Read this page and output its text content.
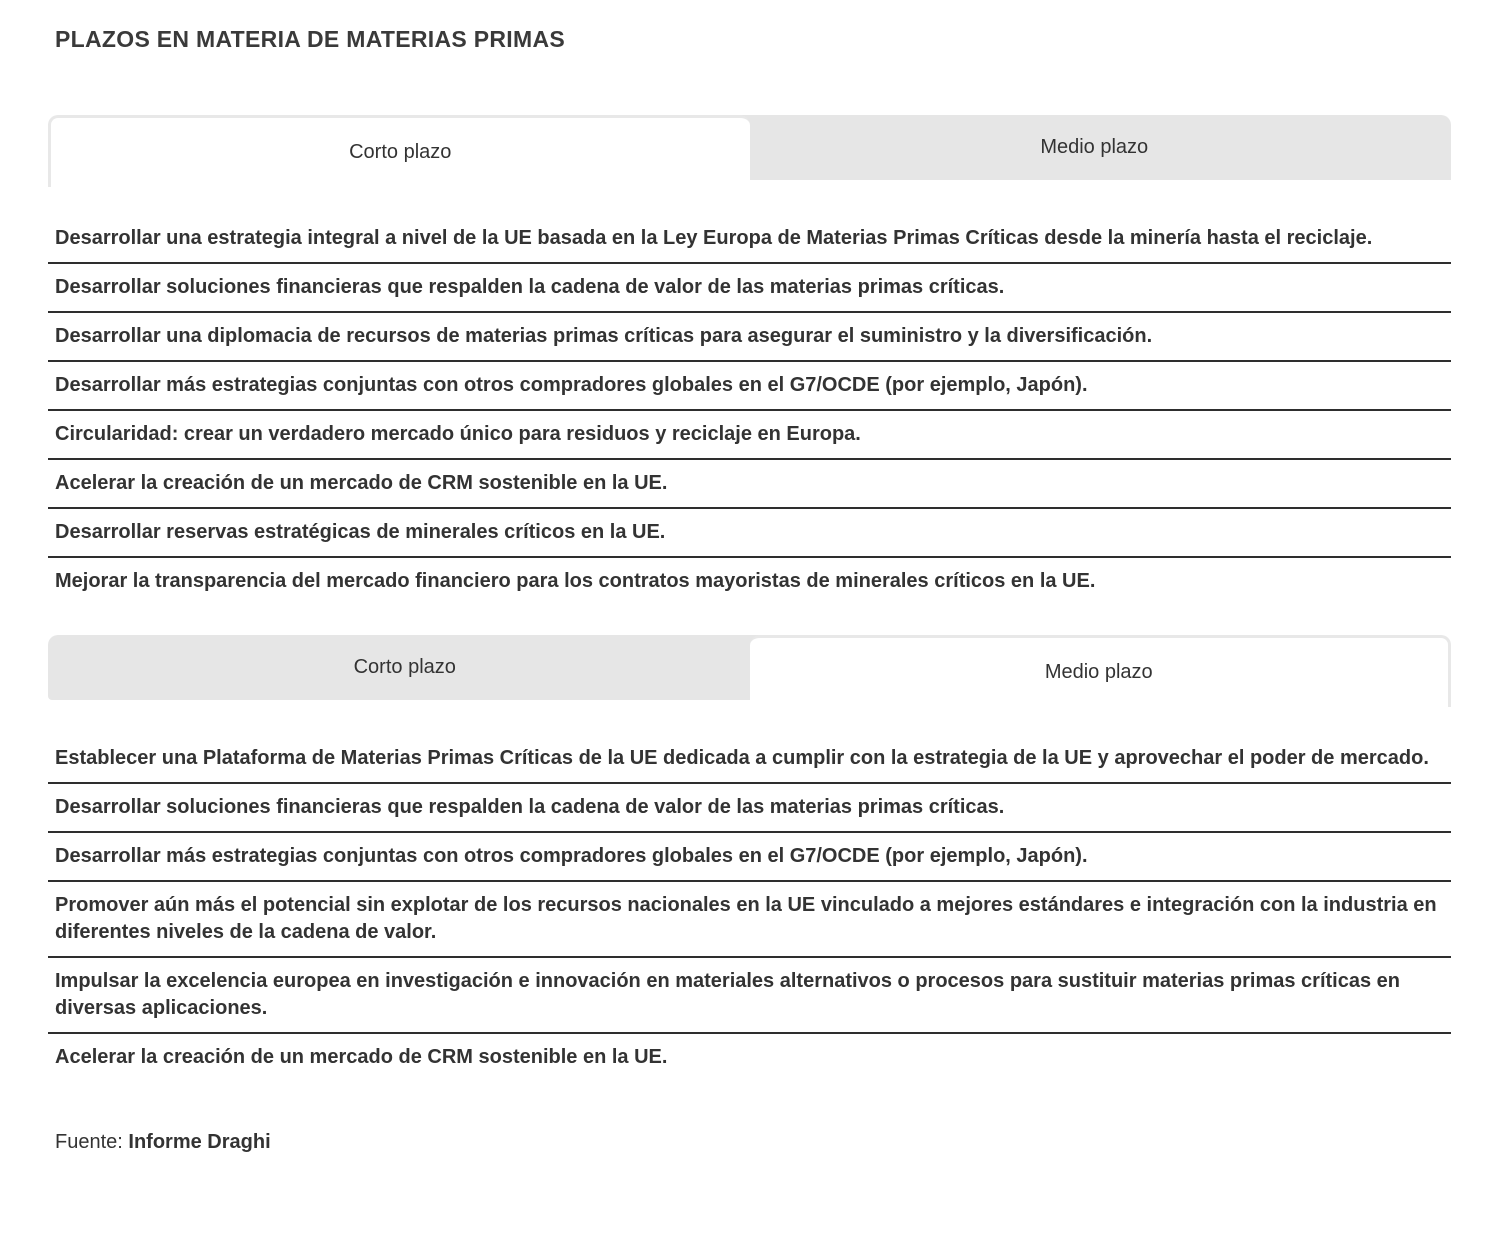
PLAZOS EN MATERIA DE MATERIAS PRIMAS
Corto plazo	Medio plazo
Desarrollar una estrategia integral a nivel de la UE basada en la Ley Europa de Materias Primas Críticas desde la minería hasta el reciclaje.
Desarrollar soluciones financieras que respalden la cadena de valor de las materias primas críticas.
Desarrollar una diplomacia de recursos de materias primas críticas para asegurar el suministro y la diversificación.
Desarrollar más estrategias conjuntas con otros compradores globales en el G7/OCDE (por ejemplo, Japón).
Circularidad: crear un verdadero mercado único para residuos y reciclaje en Europa.
Acelerar la creación de un mercado de CRM sostenible en la UE.
Desarrollar reservas estratégicas de minerales críticos en la UE.
Mejorar la transparencia del mercado financiero para los contratos mayoristas de minerales críticos en la UE.
Corto plazo	Medio plazo
Establecer una Plataforma de Materias Primas Críticas de la UE dedicada a cumplir con la estrategia de la UE y aprovechar el poder de mercado.
Desarrollar soluciones financieras que respalden la cadena de valor de las materias primas críticas.
Desarrollar más estrategias conjuntas con otros compradores globales en el G7/OCDE (por ejemplo, Japón).
Promover aún más el potencial sin explotar de los recursos nacionales en la UE vinculado a mejores estándares e integración con la industria en diferentes niveles de la cadena de valor.
Impulsar la excelencia europea en investigación e innovación en materiales alternativos o procesos para sustituir materias primas críticas en diversas aplicaciones.
Acelerar la creación de un mercado de CRM sostenible en la UE.

Fuente: Informe Draghi
